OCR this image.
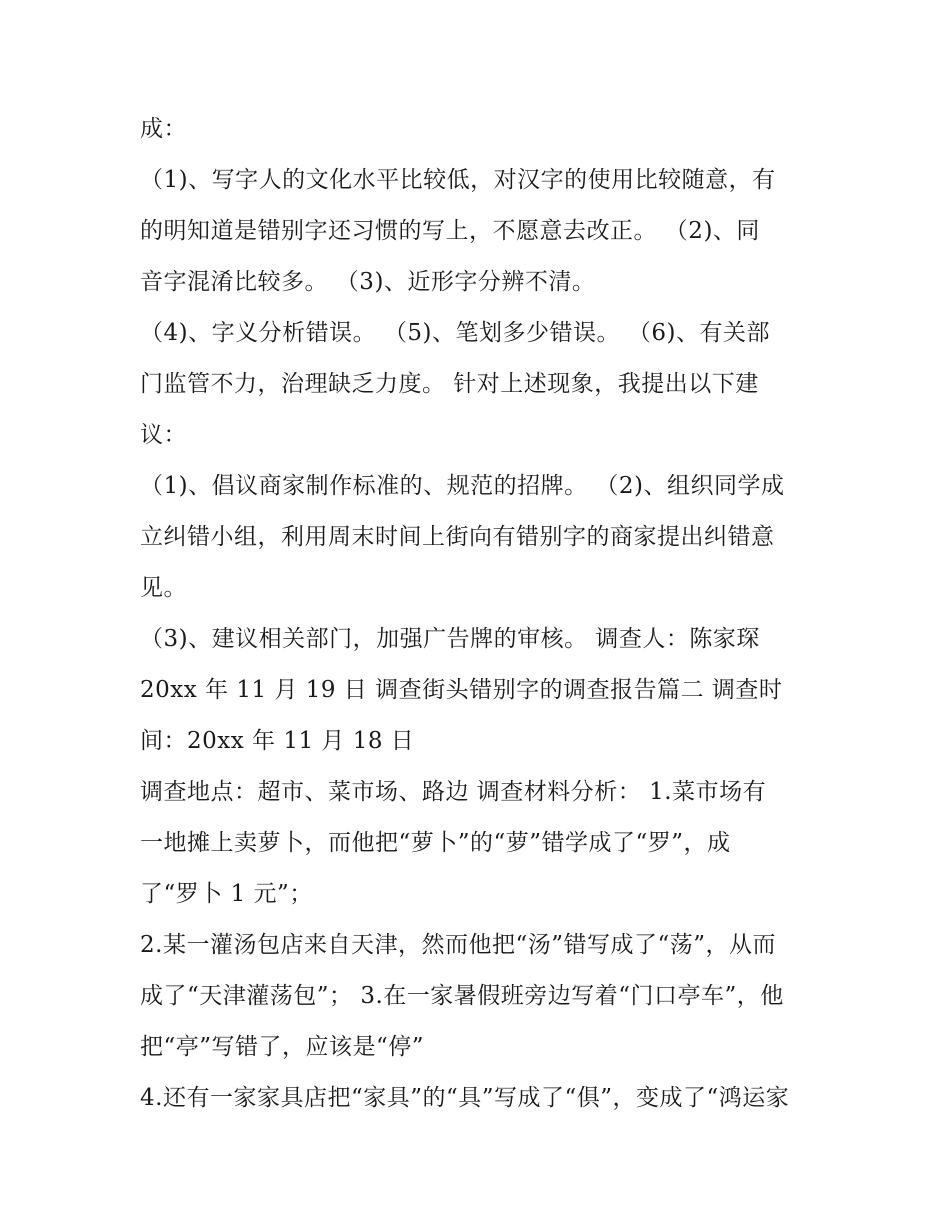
成：
（1)、写字人的文化水平比较低，对汉字的使用比较随意，有
的明知道是错别字还习惯的写上，不愿意去改正。 （2)、同
音字混淆比较多。 （3)、近形字分辨不清。
（4)、字义分析错误。 （5)、笔划多少错误。 （6)、有关部
门监管不力，治理缺乏力度。 针对上述现象，我提出以下建
议：
（1)、倡议商家制作标准的、规范的招牌。 （2)、组织同学成
立纠错小组，利用周末时间上街向有错别字的商家提出纠错意
见。
（3)、建议相关部门，加强广告牌的审核。 调查人：陈家琛
20xx 年 11 月 19 日 调查街头错别字的调查报告篇二 调查时
间：20xx 年 11 月 18 日
调查地点：超市、菜市场、路边 调查材料分析： 1.菜市场有
一地摊上卖萝卜，而他把“萝卜”的“萝”错学成了“罗”，成
了“罗卜 1 元”；
2.某一灌汤包店来自天津，然而他把“汤”错写成了“荡”，从而
成了“天津灌荡包”； 3.在一家暑假班旁边写着“门口亭车”，他
把“亭”写错了，应该是“停”
4.还有一家家具店把“家具”的“具”写成了“俱”，变成了“鸿运家
